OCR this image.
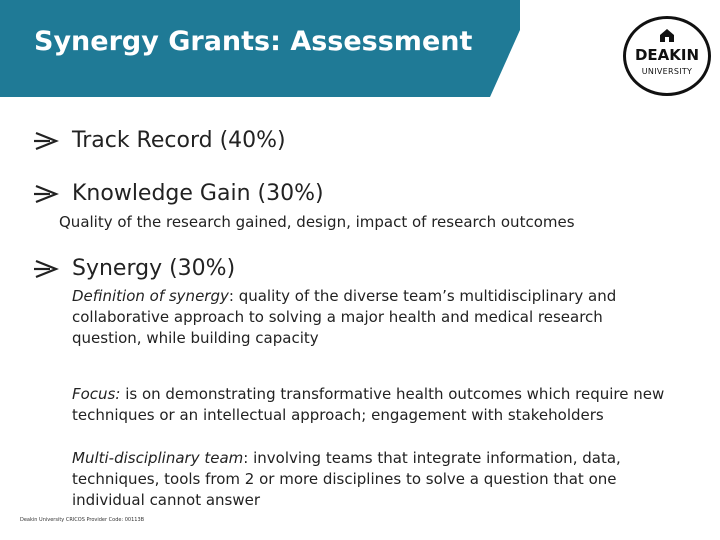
Synergy Grants: Assessment	DEAKIN
UNIVERSITY
Track Record (40%)
Knowledge Gain (30%)
Quality of the research gained, design, impact of research outcomes
Synergy (30%)
Definition of synergy: quality of the diverse team’s multidisciplinary and collaborative approach to solving a major health and medical research question, while building capacity
Focus: is on demonstrating transformative health outcomes which require new techniques or an intellectual approach; engagement with stakeholders
Multi-disciplinary team: involving teams that integrate information, data, techniques, tools from 2 or more disciplines to solve a question that one individual cannot answer
Deakin University CRICOS Provider Code: 00113B
